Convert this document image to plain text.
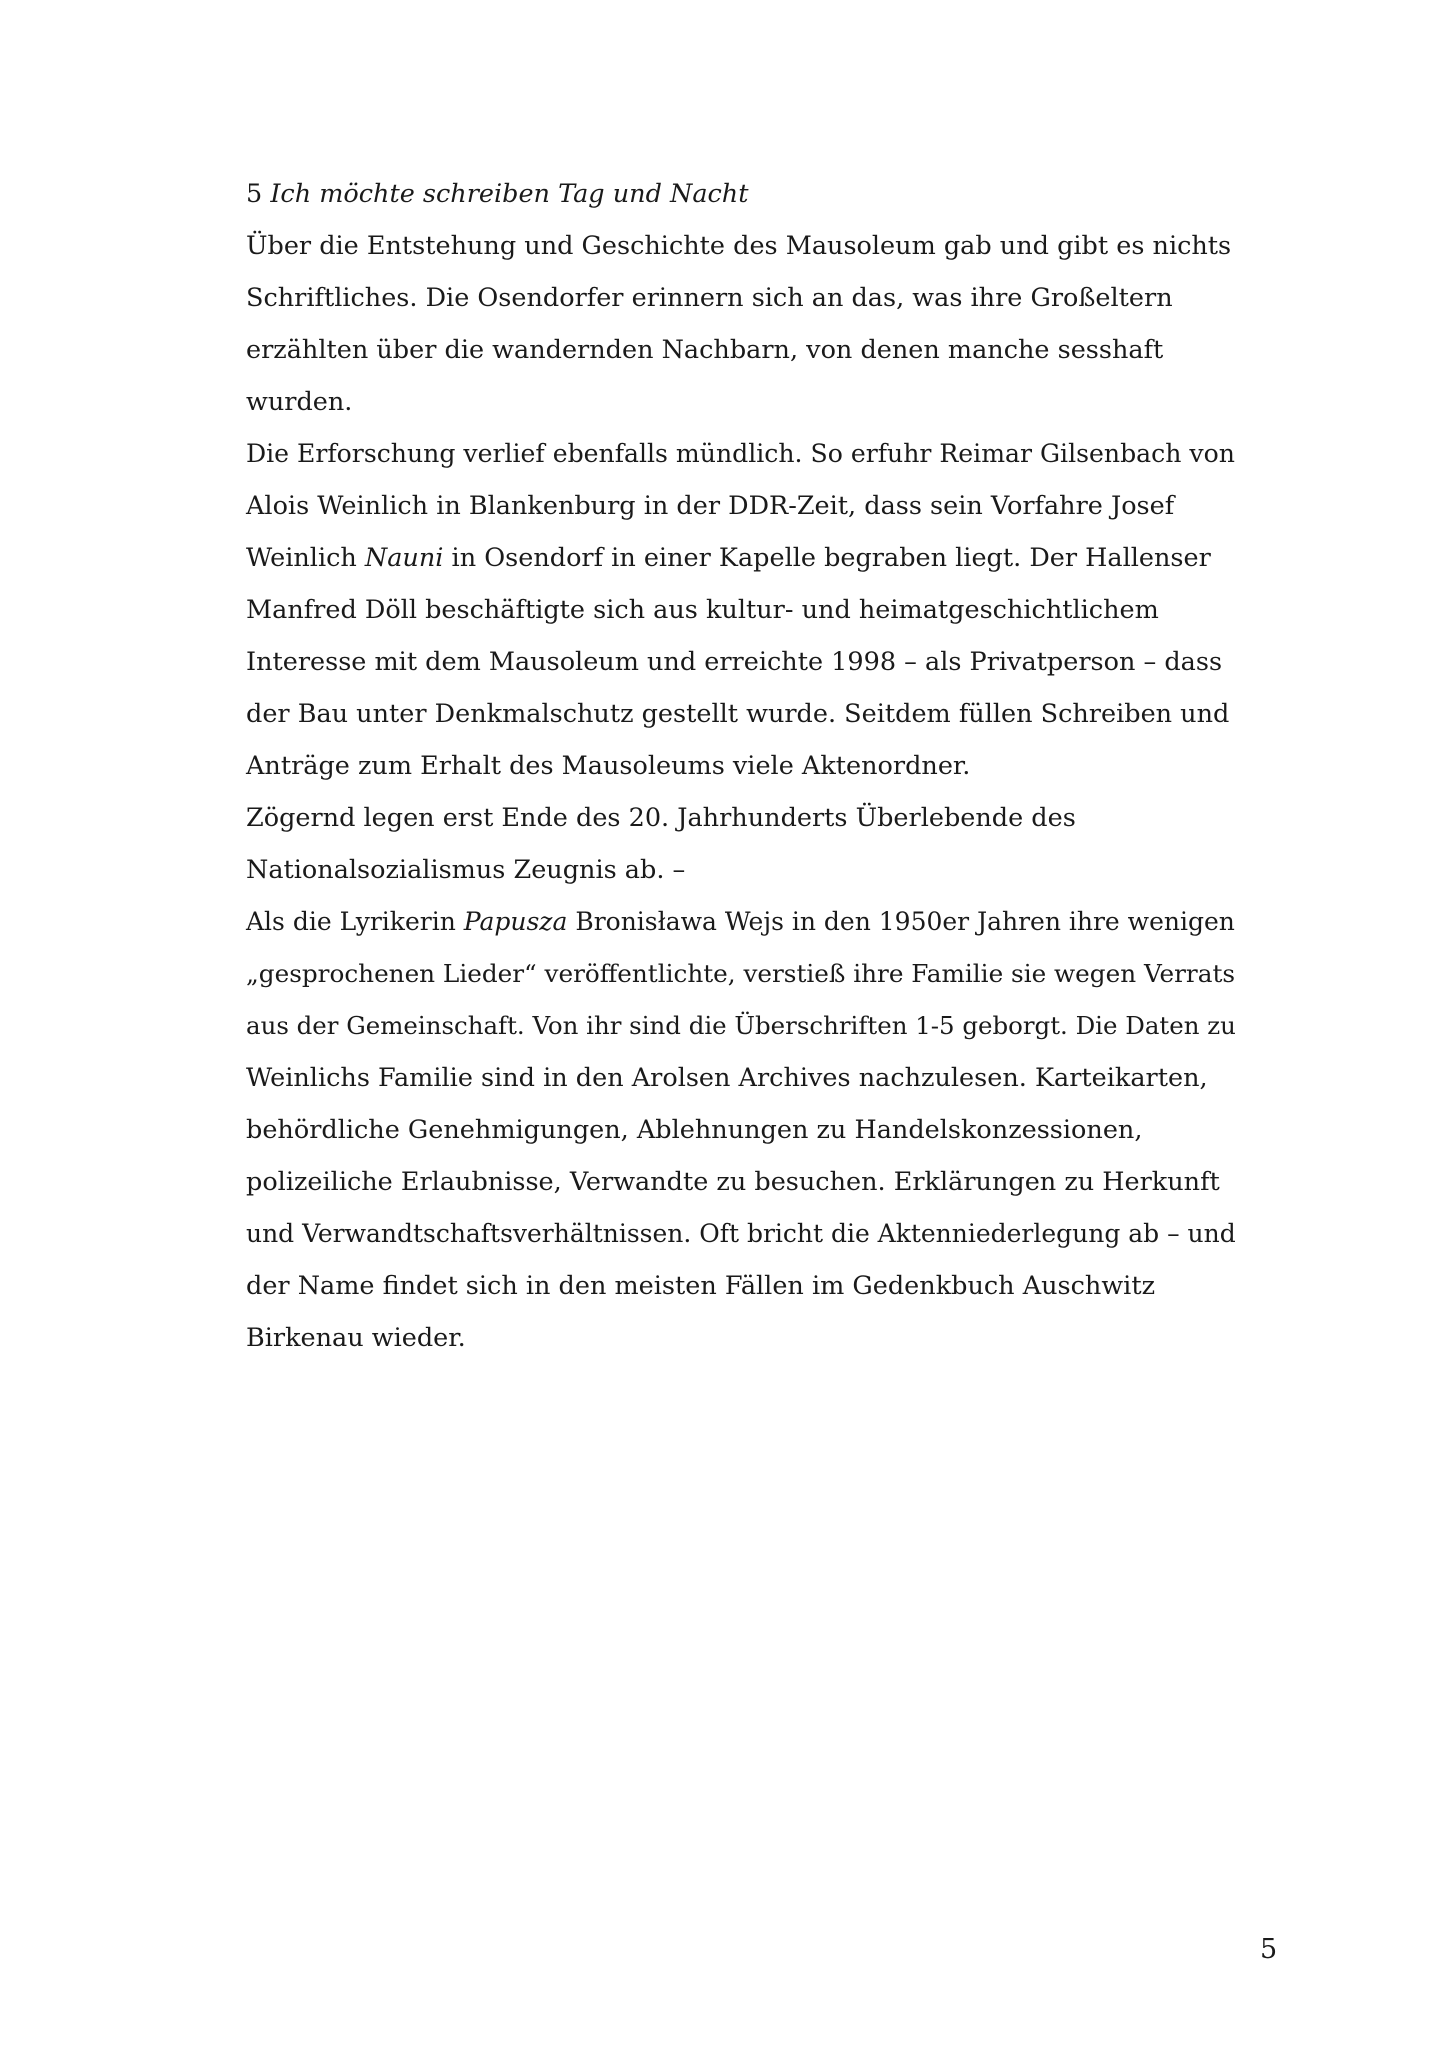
5 Ich möchte schreiben Tag und Nacht
Über die Entstehung und Geschichte des Mausoleum gab und gibt es nichts
Schriftliches. Die Osendorfer erinnern sich an das, was ihre Großeltern
erzählten über die wandernden Nachbarn, von denen manche sesshaft
wurden.
Die Erforschung verlief ebenfalls mündlich. So erfuhr Reimar Gilsenbach von
Alois Weinlich in Blankenburg in der DDR-Zeit, dass sein Vorfahre Josef
Weinlich Nauni in Osendorf in einer Kapelle begraben liegt. Der Hallenser
Manfred Döll beschäftigte sich aus kultur- und heimatgeschichtlichem
Interesse mit dem Mausoleum und erreichte 1998 – als Privatperson – dass
der Bau unter Denkmalschutz gestellt wurde. Seitdem füllen Schreiben und
Anträge zum Erhalt des Mausoleums viele Aktenordner.
Zögernd legen erst Ende des 20. Jahrhunderts Überlebende des
Nationalsozialismus Zeugnis ab. –
Als die Lyrikerin Papusza Bronisława Wejs in den 1950er Jahren ihre wenigen
„gesprochenen Lieder“ veröffentlichte, verstieß ihre Familie sie wegen Verrats
aus der Gemeinschaft. Von ihr sind die Überschriften 1-5 geborgt. Die Daten zu
Weinlichs Familie sind in den Arolsen Archives nachzulesen. Karteikarten,
behördliche Genehmigungen, Ablehnungen zu Handelskonzessionen,
polizeiliche Erlaubnisse, Verwandte zu besuchen. Erklärungen zu Herkunft
und Verwandtschaftsverhältnissen. Oft bricht die Aktenniederlegung ab – und
der Name findet sich in den meisten Fällen im Gedenkbuch Auschwitz
Birkenau wieder.
5
